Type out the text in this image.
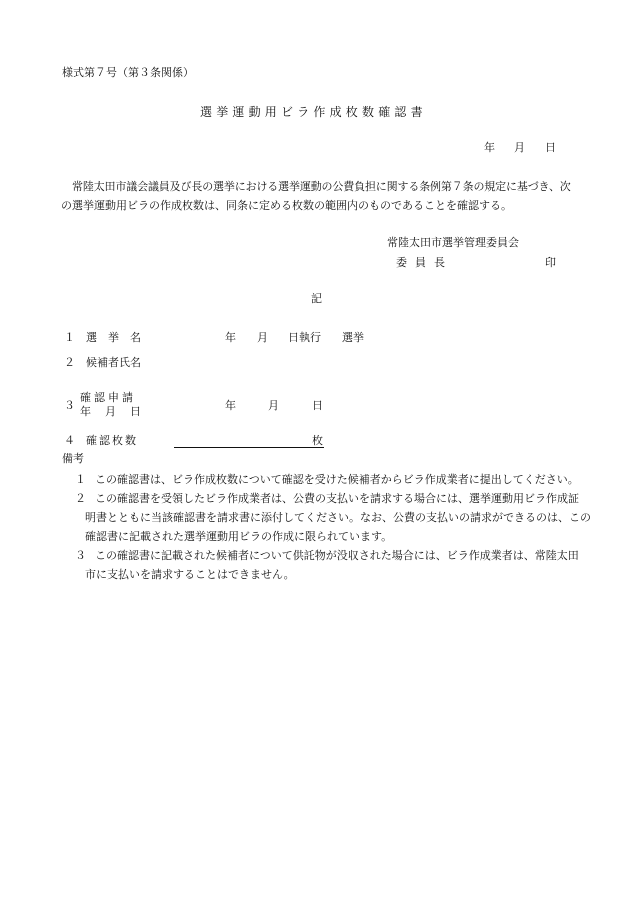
様式第７号（第３条関係）
選挙運動用ビラ作成枚数確認書
年 月 日
常陸太田市議会議員及び長の選挙における選挙運動の公費負担に関する条例第７条の規定に基づき、次
の選挙運動用ビラの作成枚数は、同条に定める枚数の範囲内のものであることを確認する。
常陸太田市選挙管理委員会
委員長	印
記
１ 選挙名	年 月 日執行 選挙
２ 候補者氏名
３
確認申請
年月日	年	月	日
４ 確認枚数	枚
備考
１ この確認書は、ビラ作成枚数について確認を受けた候補者からビラ作成業者に提出してください。
２ この確認書を受領したビラ作成業者は、公費の支払いを請求する場合には、選挙運動用ビラ作成証
明書とともに当該確認書を請求書に添付してください。なお、公費の支払いの請求ができるのは、この
確認書に記載された選挙運動用ビラの作成に限られています。
３ この確認書に記載された候補者について供託物が没収された場合には、ビラ作成業者は、常陸太田
市に支払いを請求することはできません。
